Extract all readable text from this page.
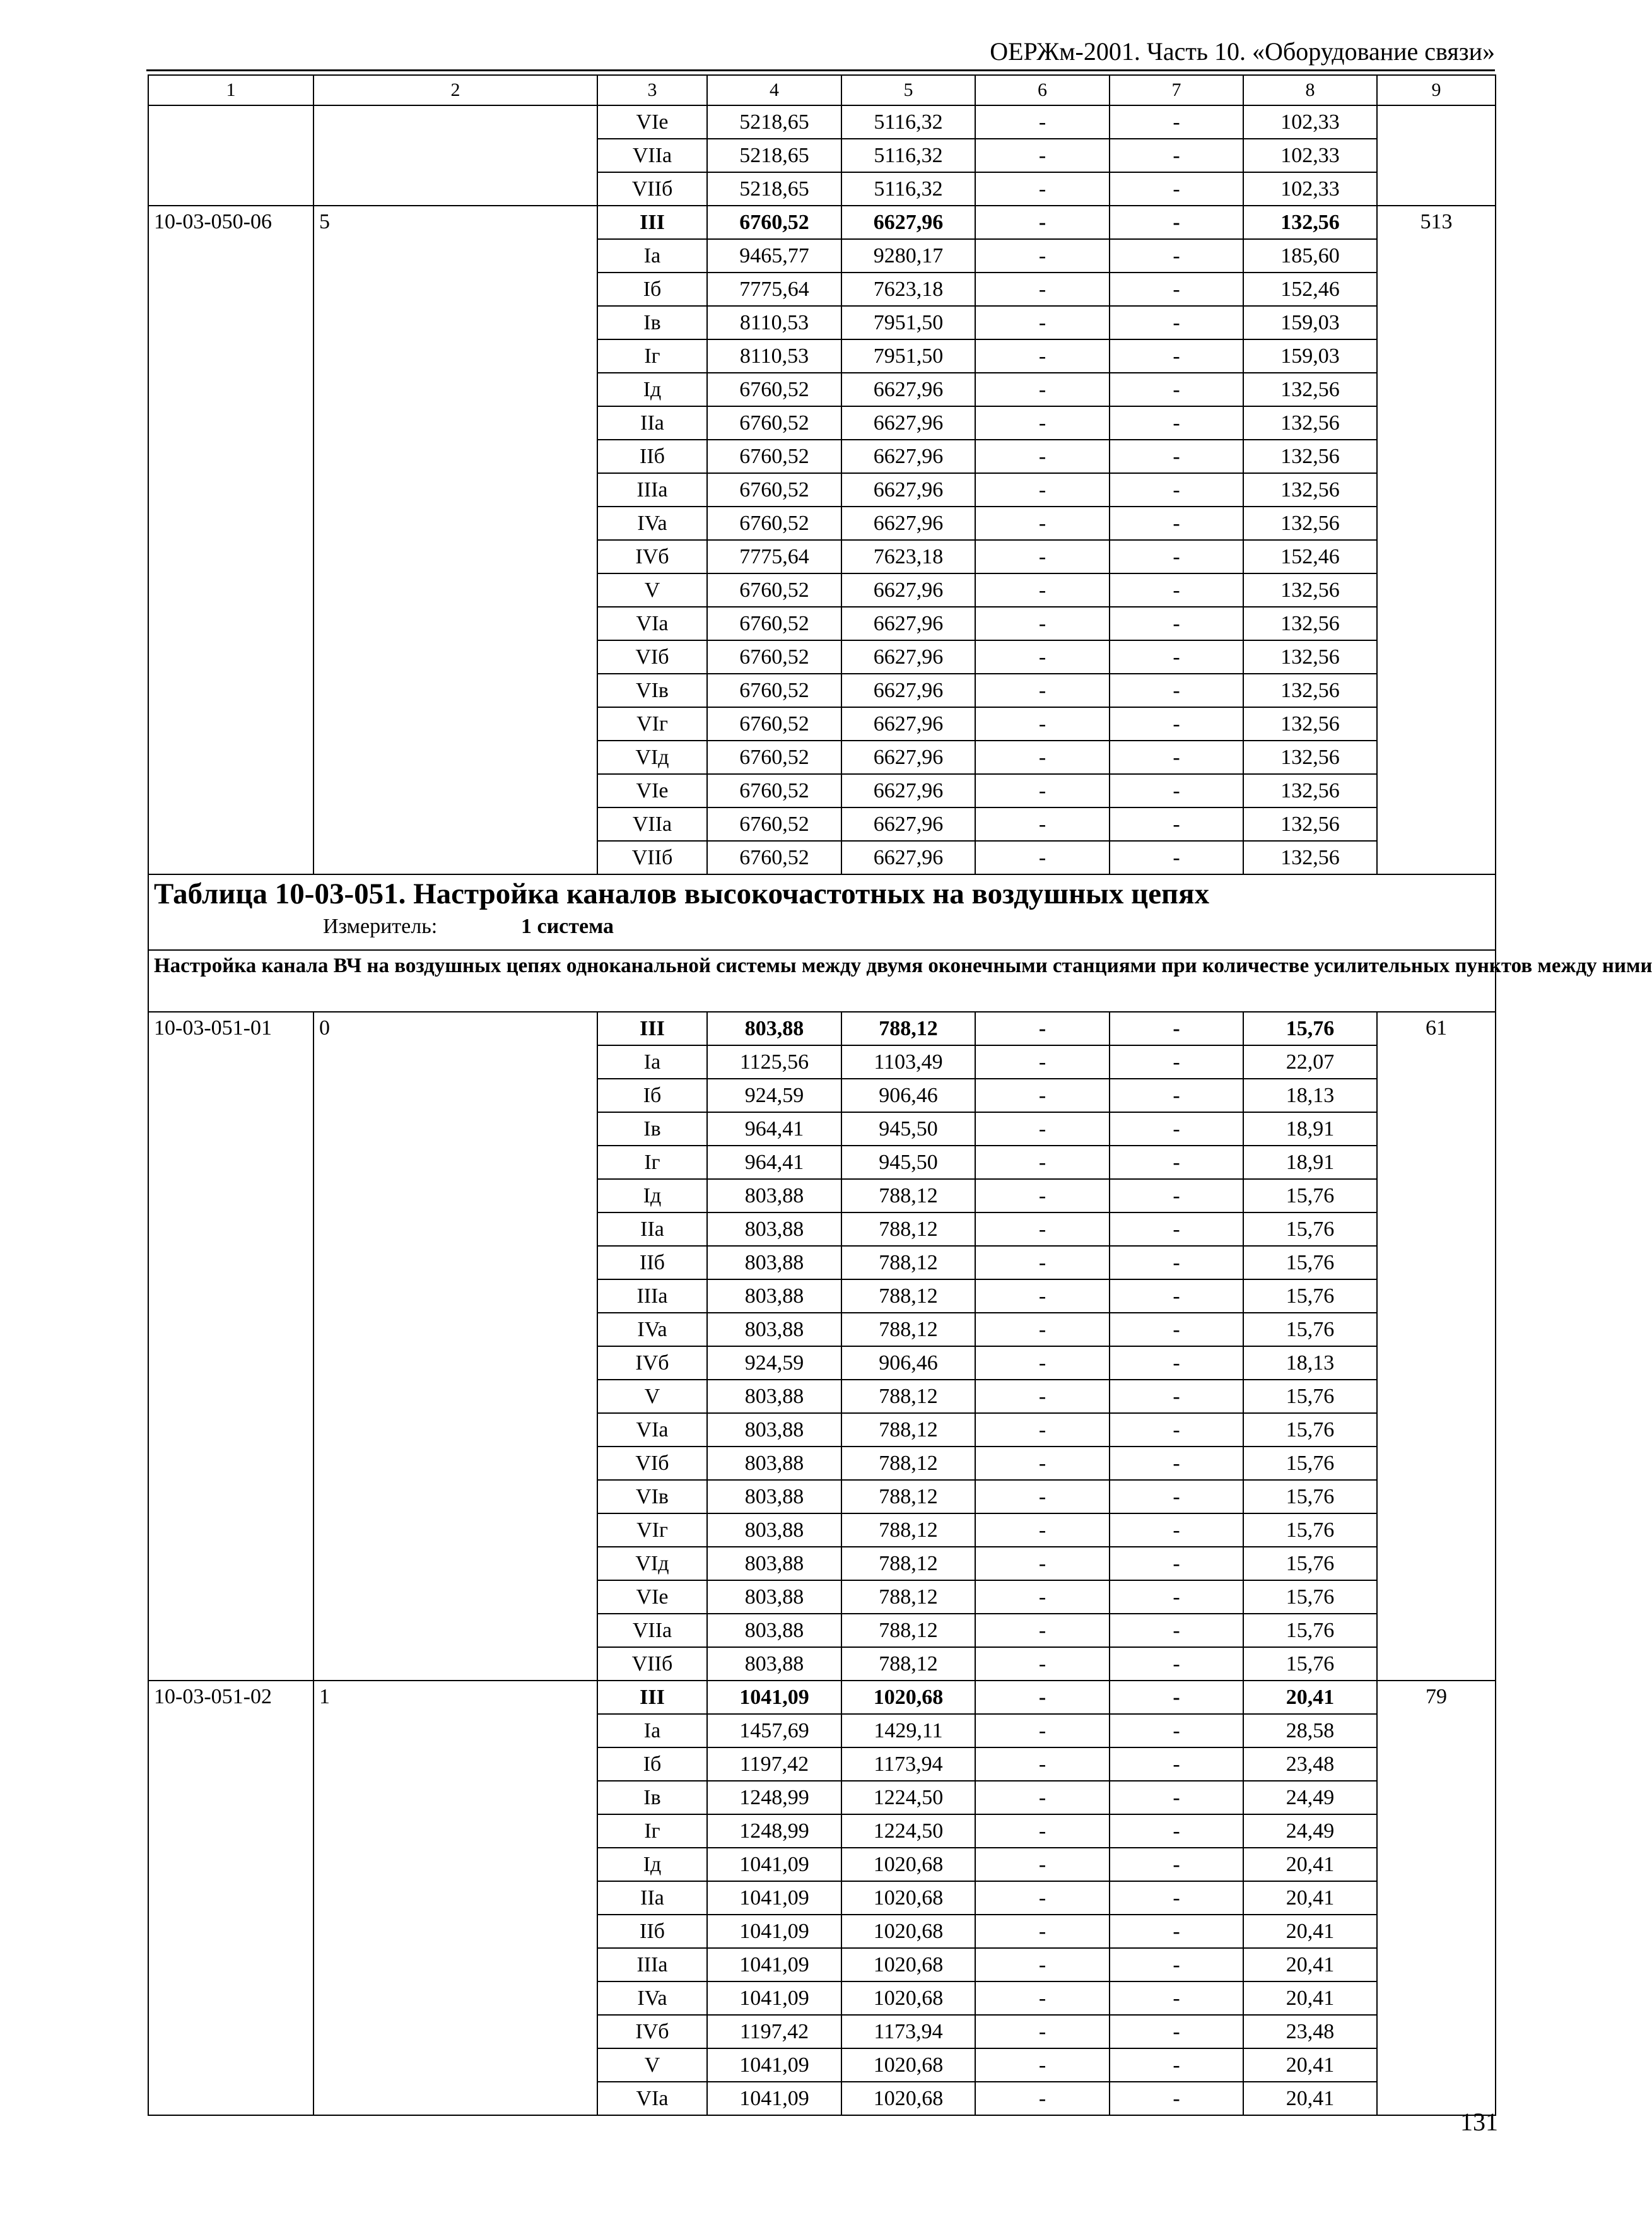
ОЕРЖм-2001. Часть 10. «Оборудование связи»
1	2	3	4	5	6	7	8	9
		VIe	5218,65	5116,32	-	-	102,33	
		VIIa	5218,65	5116,32	-	-	102,33	
		VIIб	5218,65	5116,32	-	-	102,33	
10-03-050-06	5	III	6760,52	6627,96	-	-	132,56	513
		Ia	9465,77	9280,17	-	-	185,60	
		Iб	7775,64	7623,18	-	-	152,46	
		Iв	8110,53	7951,50	-	-	159,03	
		Iг	8110,53	7951,50	-	-	159,03	
		Iд	6760,52	6627,96	-	-	132,56	
		IIa	6760,52	6627,96	-	-	132,56	
		IIб	6760,52	6627,96	-	-	132,56	
		IIIa	6760,52	6627,96	-	-	132,56	
		IVa	6760,52	6627,96	-	-	132,56	
		IVб	7775,64	7623,18	-	-	152,46	
		V	6760,52	6627,96	-	-	132,56	
		VIa	6760,52	6627,96	-	-	132,56	
		VIб	6760,52	6627,96	-	-	132,56	
		VIв	6760,52	6627,96	-	-	132,56	
		VIг	6760,52	6627,96	-	-	132,56	
		VIд	6760,52	6627,96	-	-	132,56	
		VIe	6760,52	6627,96	-	-	132,56	
		VIIa	6760,52	6627,96	-	-	132,56	
		VIIб	6760,52	6627,96	-	-	132,56	

Таблица 10-03-051. Настройка каналов высокочастотных на воздушных цепях
Измеритель: 1 система								

Настройка канала ВЧ на воздушных цепях одноканальной системы между двумя оконечными станциями при количестве усилительных пунктов между ними								
10-03-051-01	0	III	803,88	788,12	-	-	15,76	61
		Ia	1125,56	1103,49	-	-	22,07	
		Iб	924,59	906,46	-	-	18,13	
		Iв	964,41	945,50	-	-	18,91	
		Iг	964,41	945,50	-	-	18,91	
		Iд	803,88	788,12	-	-	15,76	
		IIa	803,88	788,12	-	-	15,76	
		IIб	803,88	788,12	-	-	15,76	
		IIIa	803,88	788,12	-	-	15,76	
		IVa	803,88	788,12	-	-	15,76	
		IVб	924,59	906,46	-	-	18,13	
		V	803,88	788,12	-	-	15,76	
		VIa	803,88	788,12	-	-	15,76	
		VIб	803,88	788,12	-	-	15,76	
		VIв	803,88	788,12	-	-	15,76	
		VIг	803,88	788,12	-	-	15,76	
		VIд	803,88	788,12	-	-	15,76	
		VIe	803,88	788,12	-	-	15,76	
		VIIa	803,88	788,12	-	-	15,76	
		VIIб	803,88	788,12	-	-	15,76	
10-03-051-02	1	III	1041,09	1020,68	-	-	20,41	79
		Ia	1457,69	1429,11	-	-	28,58	
		Iб	1197,42	1173,94	-	-	23,48	
		Iв	1248,99	1224,50	-	-	24,49	
		Iг	1248,99	1224,50	-	-	24,49	
		Iд	1041,09	1020,68	-	-	20,41	
		IIa	1041,09	1020,68	-	-	20,41	
		IIб	1041,09	1020,68	-	-	20,41	
		IIIa	1041,09	1020,68	-	-	20,41	
		IVa	1041,09	1020,68	-	-	20,41	
		IVб	1197,42	1173,94	-	-	23,48	
		V	1041,09	1020,68	-	-	20,41	
		VIa	1041,09	1020,68	-	-	20,41	
131
